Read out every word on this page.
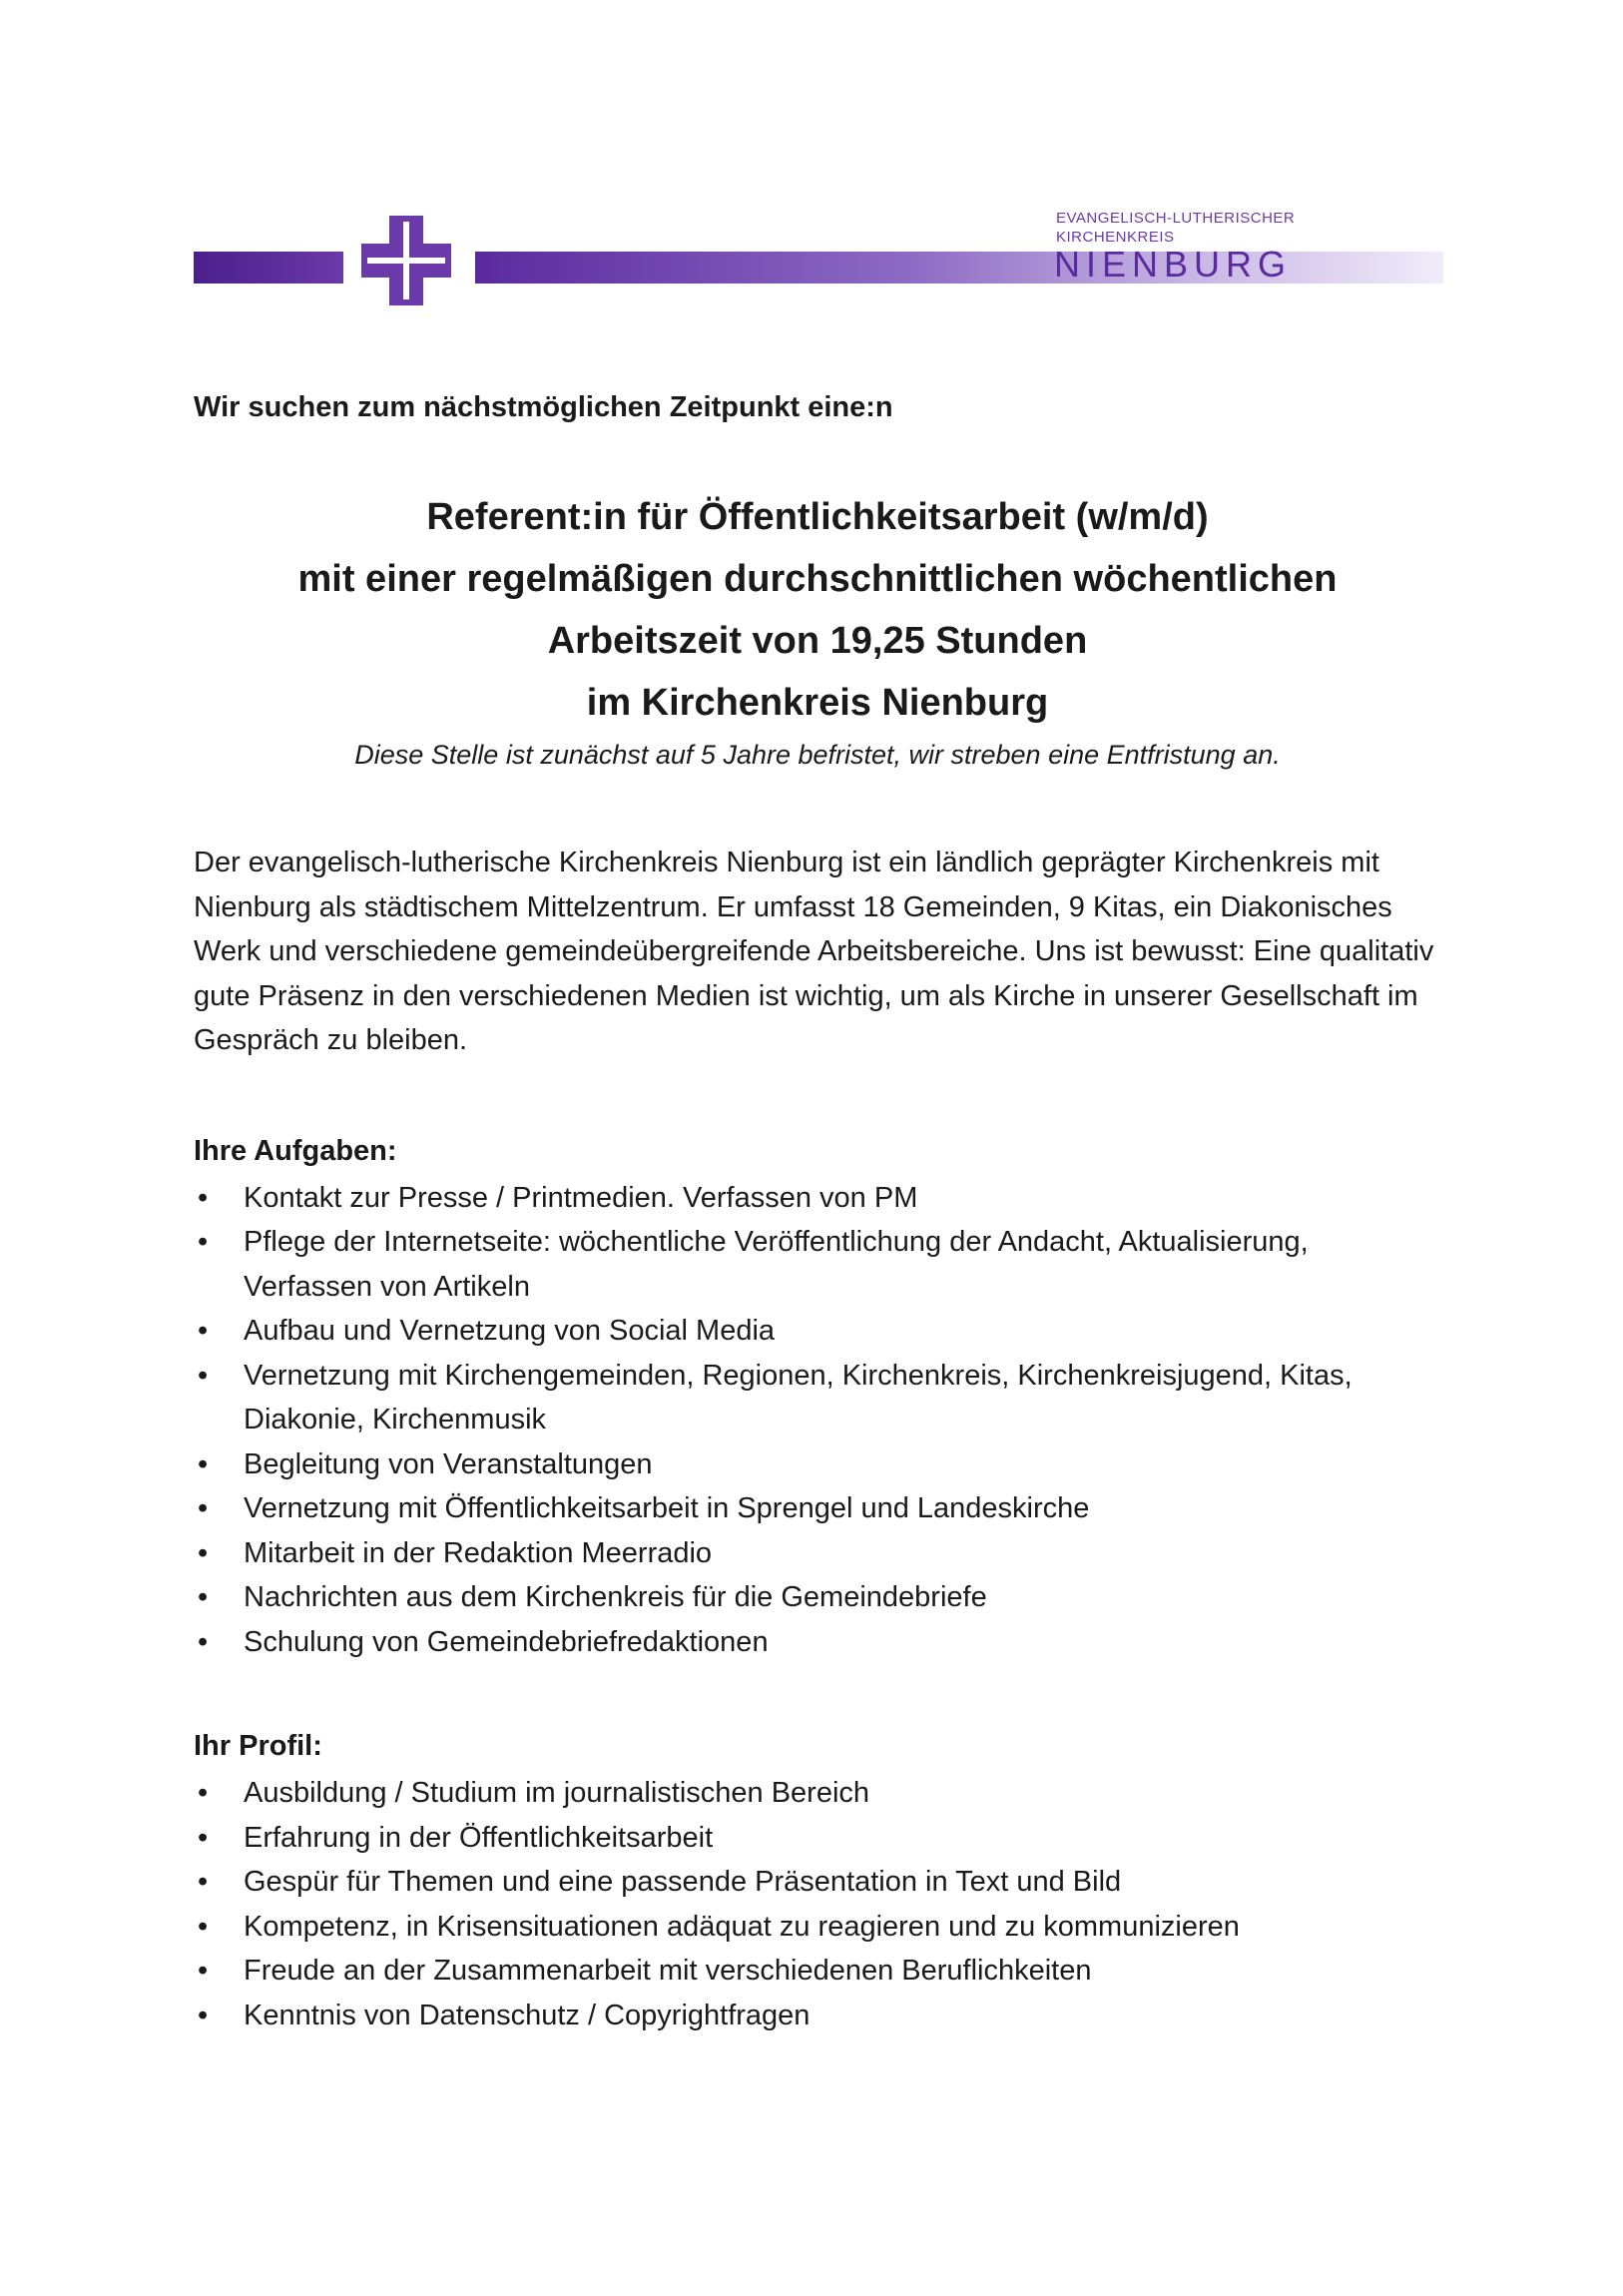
EVANGELISCH-LUTHERISCHER
KIRCHENKREIS
NIENBURG

Wir suchen zum nächstmöglichen Zeitpunkt eine:n

Referent:in für Öffentlichkeitsarbeit (w/m/d)
mit einer regelmäßigen durchschnittlichen wöchentlichen
Arbeitszeit von 19,25 Stunden
im Kirchenkreis Nienburg
Diese Stelle ist zunächst auf 5 Jahre befristet, wir streben eine Entfristung an.
Der evangelisch-lutherische Kirchenkreis Nienburg ist ein ländlich geprägter Kirchenkreis mit Nienburg als städtischem Mittelzentrum. Er umfasst 18 Gemeinden, 9 Kitas, ein Diakonisches Werk und verschiedene gemeindeübergreifende Arbeitsbereiche. Uns ist bewusst: Eine qualitativ gute Präsenz in den verschiedenen Medien ist wichtig, um als Kirche in unserer Gesellschaft im Gespräch zu bleiben.
Ihre Aufgaben:
• Kontakt zur Presse / Printmedien. Verfassen von PM
• Pflege der Internetseite: wöchentliche Veröffentlichung der Andacht, Aktualisierung, Verfassen von Artikeln
• Aufbau und Vernetzung von Social Media
• Vernetzung mit Kirchengemeinden, Regionen, Kirchenkreis, Kirchenkreisjugend, Kitas, Diakonie, Kirchenmusik
• Begleitung von Veranstaltungen
• Vernetzung mit Öffentlichkeitsarbeit in Sprengel und Landeskirche
• Mitarbeit in der Redaktion Meerradio
• Nachrichten aus dem Kirchenkreis für die Gemeindebriefe
• Schulung von Gemeindebriefredaktionen
Ihr Profil:
• Ausbildung / Studium im journalistischen Bereich
• Erfahrung in der Öffentlichkeitsarbeit
• Gespür für Themen und eine passende Präsentation in Text und Bild
• Kompetenz, in Krisensituationen adäquat zu reagieren und zu kommunizieren
• Freude an der Zusammenarbeit mit verschiedenen Beruflichkeiten
• Kenntnis von Datenschutz / Copyrightfragen
